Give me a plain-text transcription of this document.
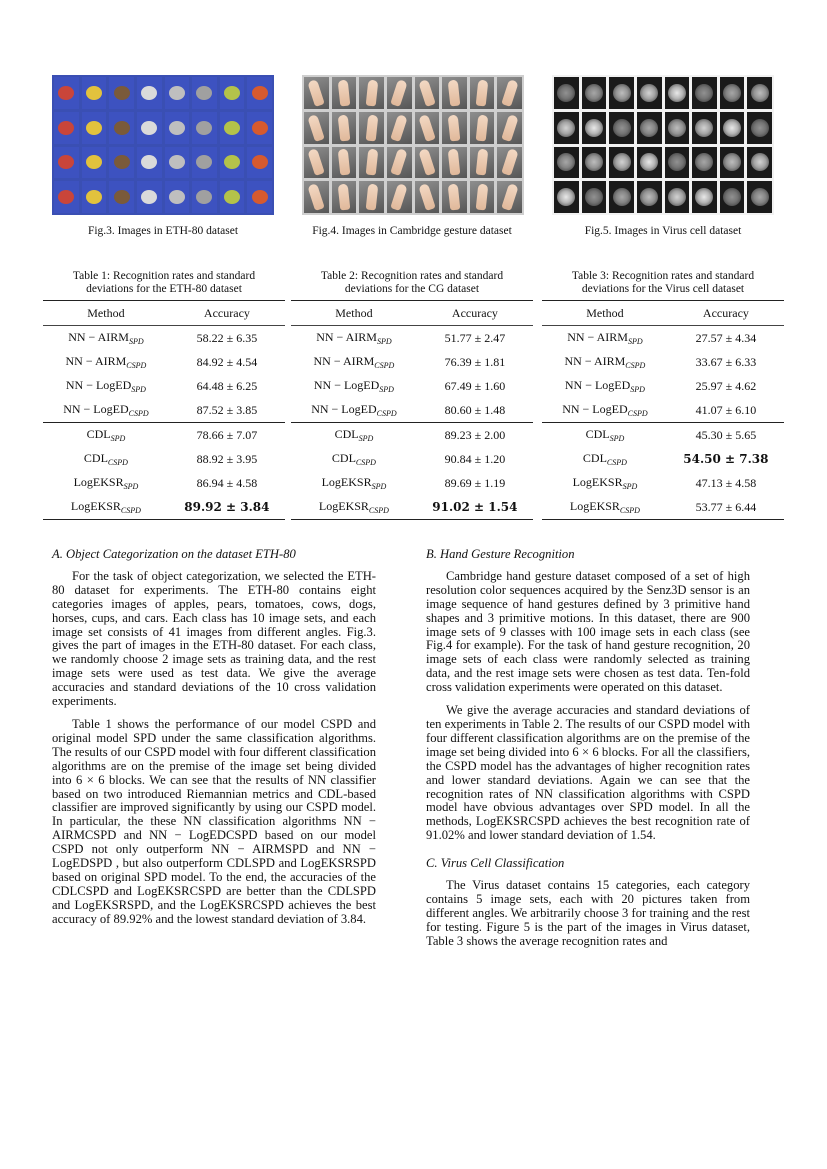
Fig.3. Images in ETH-80 dataset	Fig.4. Images in Cambridge gesture dataset	Fig.5. Images in Virus cell dataset
Table 1: Recognition rates and standard
deviations for the ETH-80 dataset
Method	Accuracy
NN − $AIRM_{SPD}$	58.22 ± 6.35
NN − $AIRM_{CSPD}$	84.92 ± 4.54
NN − LogED$_{SPD}$	64.48 ± 6.25
NN − LogED$_{CSPD}$	87.52 ± 3.85
$CDL_{SPD}$	78.66 ± 7.07
$CDL_{CSPD}$	88.92 ± 3.95
LogEKSR$_{SPD}$	86.94 ± 4.58
LogEKSR$_{CSPD}$	89.92 ± 3.84
Table 2: Recognition rates and standard
deviations for the CG dataset
Method	Accuracy
NN − $AIRM_{SPD}$	51.77 ± 2.47
NN − $AIRM_{CSPD}$	76.39 ± 1.81
NN − LogED$_{SPD}$	67.49 ± 1.60
NN − LogED$_{CSPD}$	80.60 ± 1.48
$CDL_{SPD}$	89.23 ± 2.00
$CDL_{CSPD}$	90.84 ± 1.20
LogEKSR$_{SPD}$	89.69 ± 1.19
LogEKSR$_{CSPD}$	91.02 ± 1.54
Table 3: Recognition rates and standard
deviations for the Virus cell dataset
Method	Accuracy
NN − $AIRM_{SPD}$	27.57 ± 4.34
NN − $AIRM_{CSPD}$	33.67 ± 6.33
NN − LogED$_{SPD}$	25.97 ± 4.62
NN − LogED$_{CSPD}$	41.07 ± 6.10
$CDL_{SPD}$	45.30 ± 5.65
$CDL_{CSPD}$	54.50 ± 7.38
LogEKSR$_{SPD}$	47.13 ± 4.58
LogEKSR$_{CSPD}$	53.77 ± 6.44
A. Object Categorization on the dataset ETH-80

For the task of object categorization, we selected the ETH-80 dataset for experiments. The ETH-80 contains eight categories images of apples, pears, tomatoes, cows, dogs, horses, cups, and cars. Each class has 10 image sets, and each image set consists of 41 images from different angles. Fig.3. gives the part of images in the ETH-80 dataset. For each class, we randomly choose 2 image sets as training data, and the rest image sets were used as test data. We give the average accuracies and standard deviations of the 10 cross validation experiments.

Table 1 shows the performance of our model CSPD and original model SPD under the same classification algorithms. The results of our CSPD model with four different classification algorithms are on the premise of the image set being divided into 6 × 6 blocks. We can see that the results of NN classifier based on two introduced Riemannian metrics and CDL-based classifier are improved significantly by using our CSPD model. In particular, the these NN classification algorithms NN − AIRMCSPD and NN − LogEDCSPD based on our model CSPD not only outperform NN − AIRMSPD and NN − LogEDSPD , but also outperform CDLSPD and LogEKSRSPD based on original SPD model. To the end, the accuracies of the CDLCSPD and LogEKSRCSPD are better than the CDLSPD and LogEKSRSPD, and the LogEKSRCSPD achieves the best accuracy of 89.92% and the lowest standard deviation of 3.84.

B. Hand Gesture Recognition

Cambridge hand gesture dataset composed of a set of high resolution color sequences acquired by the Senz3D sensor is an image sequence of hand gestures defined by 3 primitive hand shapes and 3 primitive motions. In this dataset, there are 900 image sets of 9 classes with 100 image sets in each class (see Fig.4 for example). For the task of hand gesture recognition, 20 image sets of each class were randomly selected as training data, and the rest image sets were chosen as test data. Ten-fold cross validation experiments were operated on this dataset.

We give the average accuracies and standard deviations of ten experiments in Table 2. The results of our CSPD model with four different classification algorithms are on the premise of the image set being divided into 6 × 6 blocks. For all the classifiers, the CSPD model has the advantages of higher recognition rates and lower standard deviations. Again we can see that the recognition rates of NN classification algorithms with CSPD model have obvious advantages over SPD model. In all the methods, LogEKSRCSPD achieves the best recognition rate of 91.02% and lower standard deviation of 1.54.

C. Virus Cell Classification

The Virus dataset contains 15 categories, each category contains 5 image sets, each with 20 pictures taken from different angles. We arbitrarily choose 3 for training and the rest for testing. Figure 5 is the part of the images in Virus dataset, Table 3 shows the average recognition rates and
